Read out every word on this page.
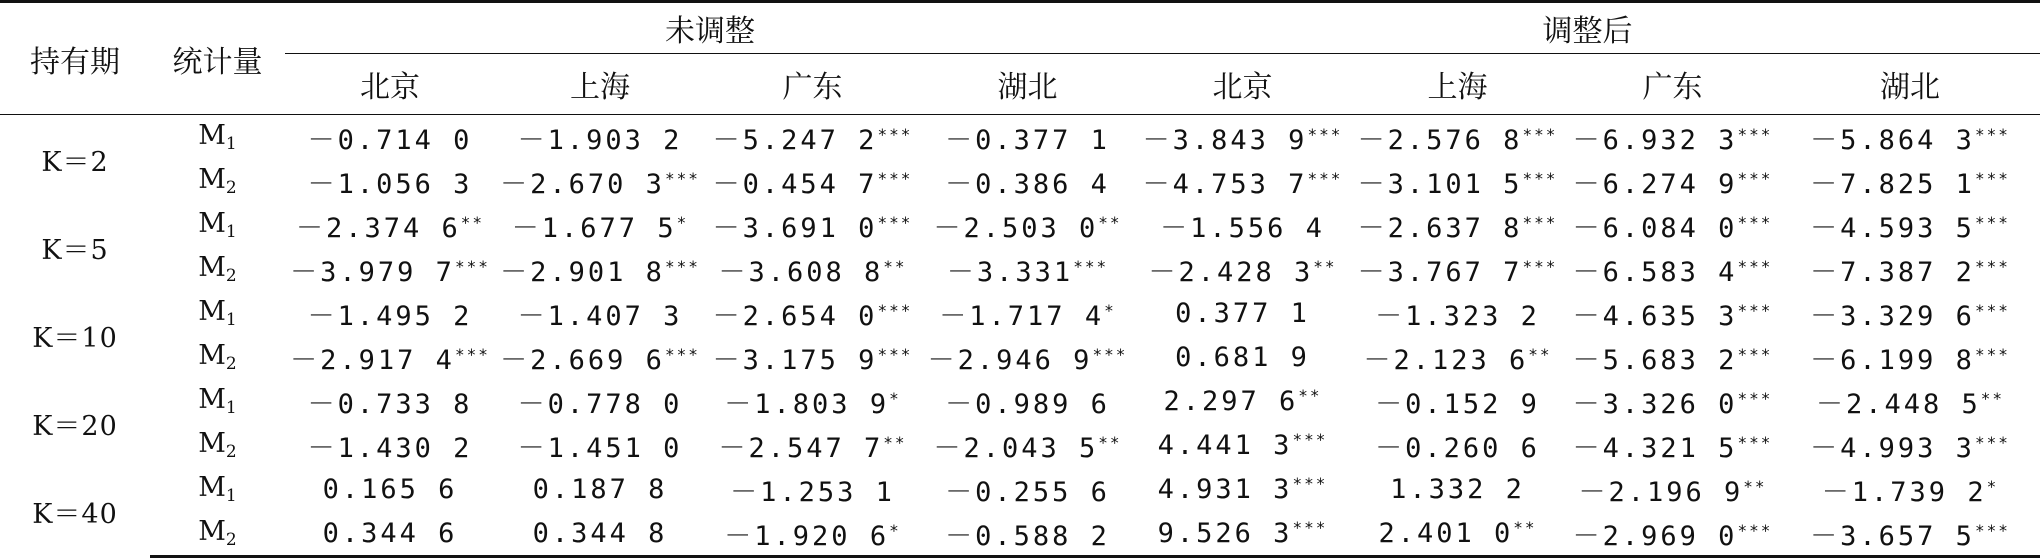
持有期	统计量	未调整				调整后			
		北京	上海	广东	湖北	北京	上海	广东	湖北
K＝2	$M_1$	－0.714 0	－1.903 2	－5.247 2***	－0.377 1	－3.843 9***	－2.576 8***	－6.932 3***	－5.864 3***
	$M_2$	－1.056 3	－2.670 3***	－0.454 7***	－0.386 4	－4.753 7***	－3.101 5***	－6.274 9***	－7.825 1***
K＝5	$M_1$	－2.374 6**	－1.677 5*	－3.691 0***	－2.503 0**	－1.556 4	－2.637 8***	－6.084 0***	－4.593 5***
	$M_2$	－3.979 7***	－2.901 8***	－3.608 8**	－3.331***	－2.428 3**	－3.767 7***	－6.583 4***	－7.387 2***
K＝10	$M_1$	－1.495 2	－1.407 3	－2.654 0***	－1.717 4*	0.377 1	－1.323 2	－4.635 3***	－3.329 6***
	$M_2$	－2.917 4***	－2.669 6***	－3.175 9***	－2.946 9***	0.681 9	－2.123 6**	－5.683 2***	－6.199 8***
K＝20	$M_1$	－0.733 8	－0.778 0	－1.803 9*	－0.989 6	2.297 6**	－0.152 9	－3.326 0***	－2.448 5**
	$M_2$	－1.430 2	－1.451 0	－2.547 7**	－2.043 5**	4.441 3***	－0.260 6	－4.321 5***	－4.993 3***
K＝40	$M_1$	0.165 6	0.187 8	－1.253 1	－0.255 6	4.931 3***	1.332 2	－2.196 9**	－1.739 2*
	$M_2$	0.344 6	0.344 8	－1.920 6*	－0.588 2	9.526 3***	2.401 0**	－2.969 0***	－3.657 5***
